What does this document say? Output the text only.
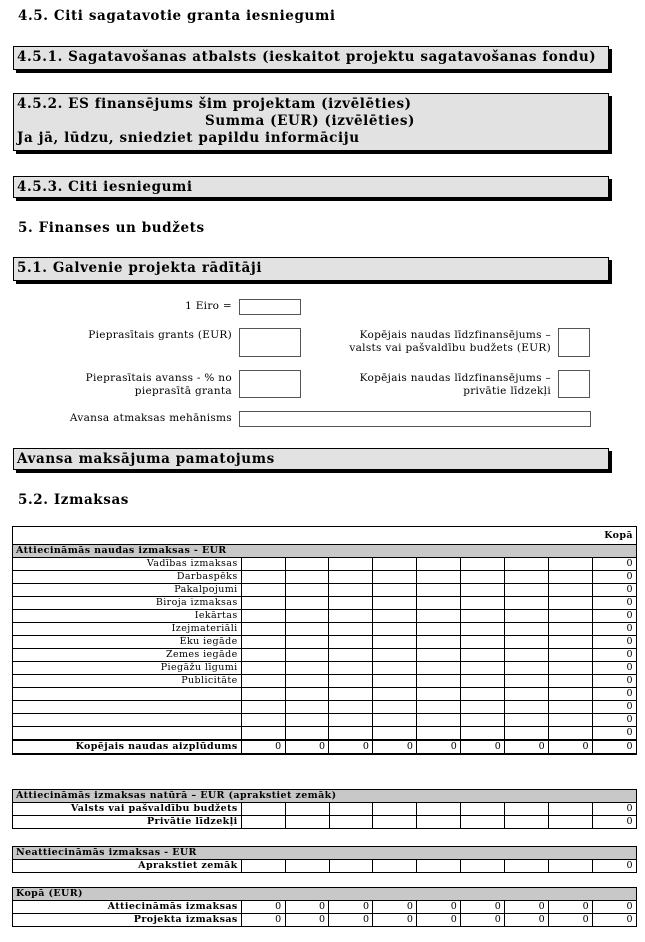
4.5. Citi sagatavotie granta iesniegumi
4.5.1. Sagatavošanas atbalsts (ieskaitot projektu sagatavošanas fondu)
4.5.2. ES finansējums šim projektam (izvēlēties)
Summa (EUR) (izvēlēties)
Ja jā, lūdzu, sniedziet papildu informāciju
4.5.3. Citi iesniegumi
5. Finanses un budžets
5.1. Galvenie projekta rādītāji
1 Eiro =
Pieprasītais grants (EUR)	Kopējais naudas līdzfinansējums –
valsts vai pašvaldību budžets (EUR)
Pieprasītais avanss - % no
pieprasītā granta
Kopējais naudas līdzfinansējums –
privātie līdzekļi
Avansa atmaksas mehānisms
Avansa maksājuma pamatojums
5.2. Izmaksas
									Kopā
Attiecināmās naudas izmaksas - EUR									
Vadības izmaksas									0
Darbaspēks									0
Pakalpojumi									0
Biroja izmaksas									0
Iekārtas									0
Izejmateriāli									0
Ēku iegāde									0
Zemes iegāde									0
Piegāžu līgumi									0
Publicitāte									0
									0
									0
									0
									0
Kopējais naudas aizplūdums	0	0	0	0	0	0	0	0	0
Attiecināmās izmaksas natūrā – EUR (aprakstiet zemāk)									
Valsts vai pašvaldību budžets									0
Privātie līdzekļi									0
Neattiecināmās izmaksas - EUR
Aprakstiet zemāk									0
Kopā (EUR)									
Attiecināmās izmaksas	0	0	0	0	0	0	0	0	0
Projekta izmaksas	0	0	0	0	0	0	0	0	0
